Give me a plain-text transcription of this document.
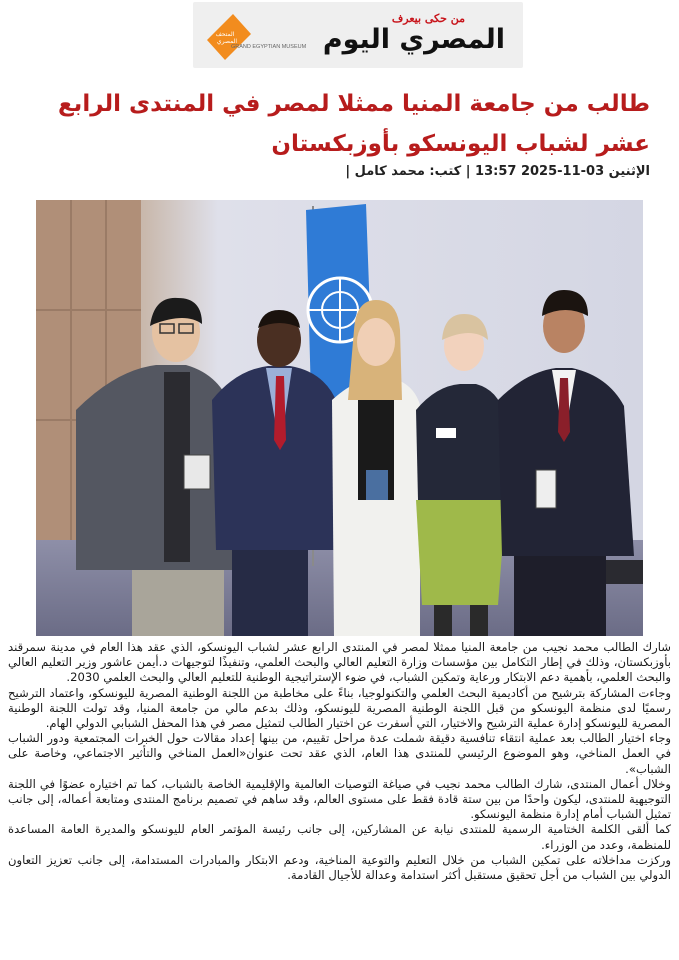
المتحف
المصري
GRAND EGYPTIAN MUSEUM
من حكى بيعرف
المصري اليوم
طالب من جامعة المنيا ممثلا لمصر في المنتدى الرابع عشر لشباب اليونسكو بأوزبكستان
الإثنين 03-11-2025 13:57 | كتب: محمد كامل |

شارك الطالب محمد نجيب من جامعة المنيا ممثلا لمصر في المنتدى الرابع عشر لشباب اليونسكو، الذي عقد هذا العام في مدينة سمرقند بأوزبكستان، وذلك في إطار التكامل بين مؤسسات وزارة التعليم العالي والبحث العلمي، وتنفيذًا لتوجيهات د.أيمن عاشور وزير التعليم العالي والبحث العلمي، بأهمية دعم الابتكار ورعاية وتمكين الشباب، في ضوء الإستراتيجية الوطنية للتعليم العالي والبحث العلمي 2030.

وجاءت المشاركة بترشيح من أكاديمية البحث العلمي والتكنولوجيا، بناءً على مخاطبة من اللجنة الوطنية المصرية لليونسكو، واعتماد الترشيح رسميًا لدى منظمة اليونسكو من قبل اللجنة الوطنية المصرية لليونسكو، وذلك بدعم مالي من جامعة المنيا، وقد تولت اللجنة الوطنية المصرية لليونسكو إدارة عملية الترشيح والاختيار، التي أسفرت عن اختيار الطالب لتمثيل مصر في هذا المحفل الشبابي الدولي الهام.

وجاء اختيار الطالب بعد عملية انتقاء تنافسية دقيقة شملت عدة مراحل تقييم، من بينها إعداد مقالات حول الخبرات المجتمعية ودور الشباب في العمل المناخي، وهو الموضوع الرئيسي للمنتدى هذا العام، الذي عقد تحت عنوان«العمل المناخي والتأثير الاجتماعي، وخاصة على الشباب».

وخلال أعمال المنتدى، شارك الطالب محمد نجيب في صياغة التوصيات العالمية والإقليمية الخاصة بالشباب، كما تم اختياره عضوًا في اللجنة التوجيهية للمنتدى، ليكون واحدًا من بين ستة قادة فقط على مستوى العالم، وقد ساهم في تصميم برنامج المنتدى ومتابعة أعماله، إلى جانب تمثيل الشباب أمام إدارة منظمة اليونسكو.

كما ألقى الكلمة الختامية الرسمية للمنتدى نيابة عن المشاركين، إلى جانب رئيسة المؤتمر العام لليونسكو والمديرة العامة المساعدة للمنظمة، وعدد من الوزراء.

وركزت مداخلاته على تمكين الشباب من خلال التعليم والتوعية المناخية، ودعم الابتكار والمبادرات المستدامة، إلى جانب تعزيز التعاون الدولي بين الشباب من أجل تحقيق مستقبل أكثر استدامة وعدالة للأجيال القادمة.
